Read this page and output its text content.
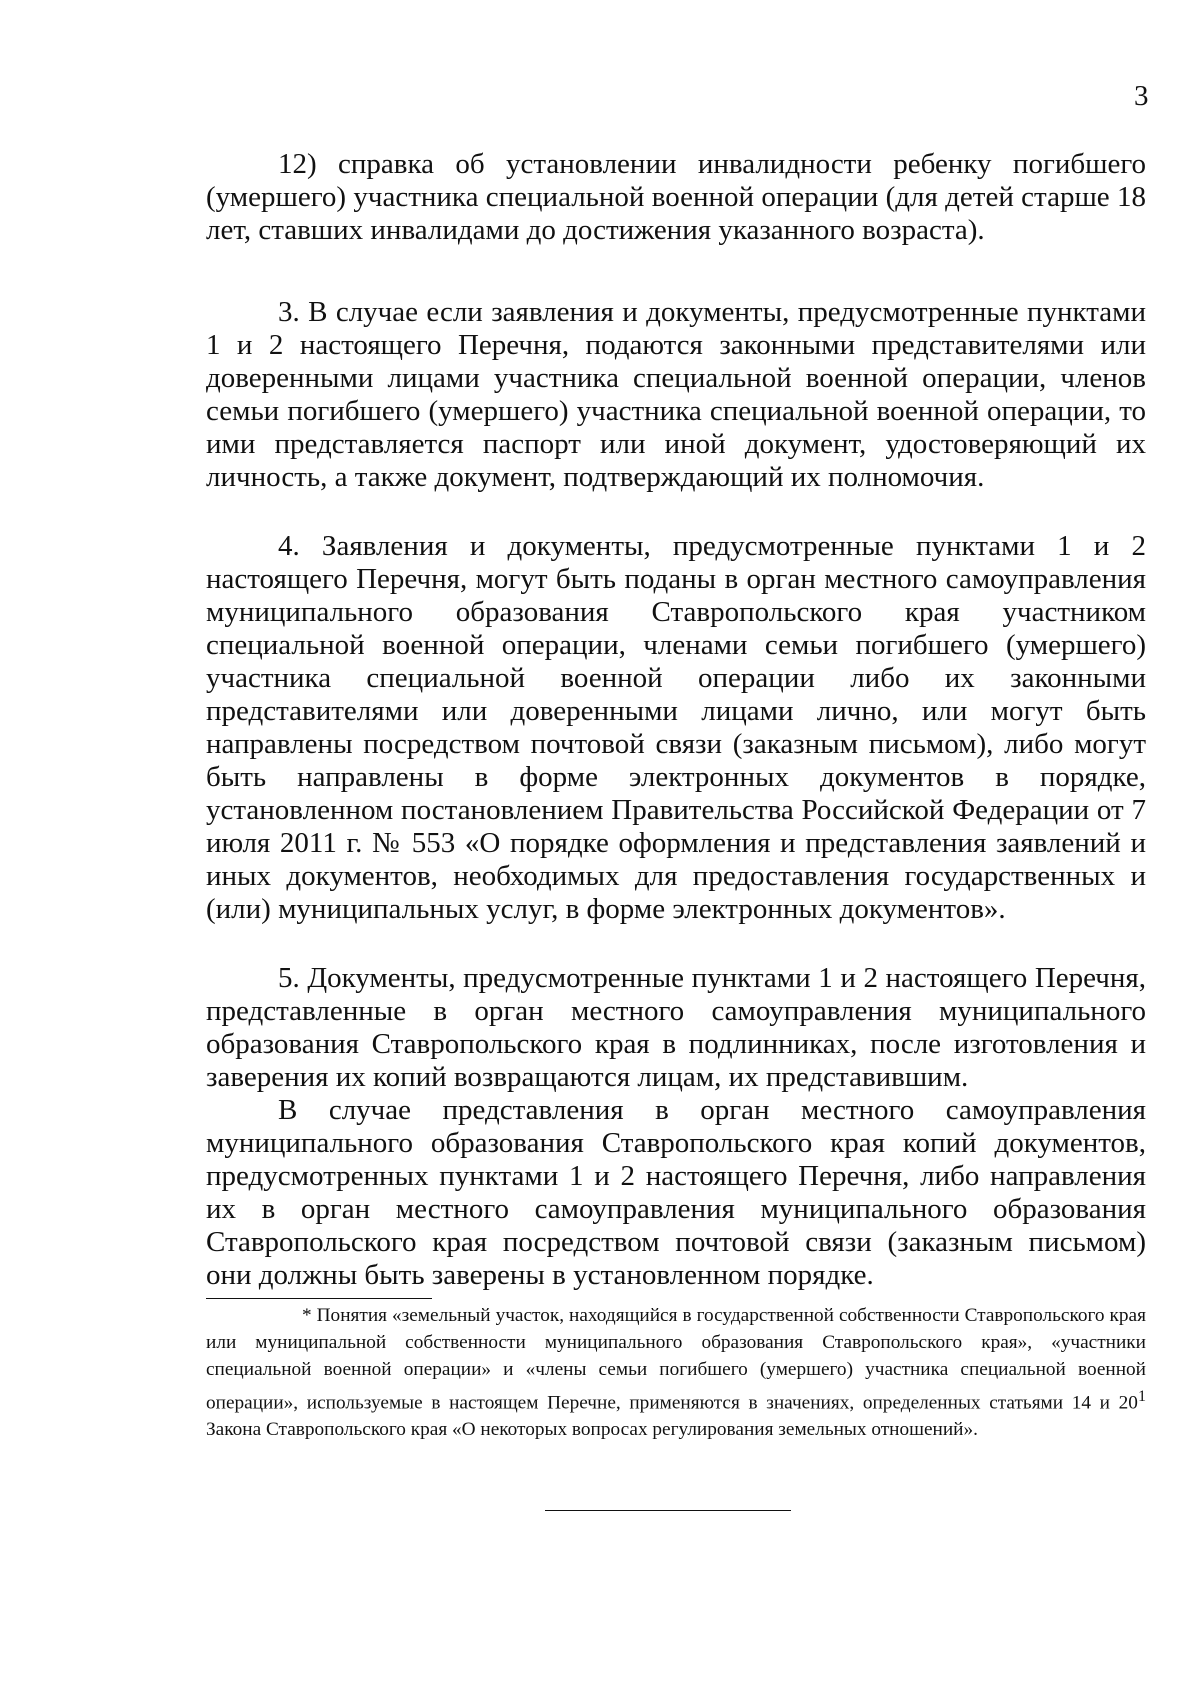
3

12) справка об установлении инвалидности ребенку погибшего (умершего) участника специальной военной операции (для детей старше 18 лет, ставших инвалидами до достижения указанного возраста).

3. В случае если заявления и документы, предусмотренные пунктами 1 и 2 настоящего Перечня, подаются законными представителями или доверенными лицами участника специальной военной операции, членов семьи погибшего (умершего) участника специальной военной операции, то ими представляется паспорт или иной документ, удостоверяющий их личность, а также документ, подтверждающий их полномочия.

4. Заявления и документы, предусмотренные пунктами 1 и 2 настоящего Перечня, могут быть поданы в орган местного самоуправления муниципального образования Ставропольского края участником специальной военной операции, членами семьи погибшего (умершего) участника специальной военной операции либо их законными представителями или доверенными лицами лично, или могут быть направлены посредством почтовой связи (заказным письмом), либо могут быть направлены в форме электронных документов в порядке, установленном постановлением Правительства Российской Федерации от 7 июля 2011 г. № 553 «О порядке оформления и представления заявлений и иных документов, необходимых для предоставления государственных и (или) муниципальных услуг, в форме электронных документов».

5. Документы, предусмотренные пунктами 1 и 2 настоящего Перечня, представленные в орган местного самоуправления муниципального образования Ставропольского края в подлинниках, после изготовления и заверения их копий возвращаются лицам, их представившим.

В случае представления в орган местного самоуправления муниципального образования Ставропольского края копий документов, предусмотренных пунктами 1 и 2 настоящего Перечня, либо направления их в орган местного самоуправления муниципального образования Ставропольского края посредством почтовой связи (заказным письмом) они должны быть заверены в установленном порядке.

* Понятия «земельный участок, находящийся в государственной собственности Ставропольского края или муниципальной собственности муниципального образования Ставропольского края», «участники специальной военной операции» и «члены семьи погибшего (умершего) участника специальной военной операции», используемые в настоящем Перечне, применяются в значениях, определенных статьями 14 и $20^1$ Закона Ставропольского края «О некоторых вопросах регулирования земельных отношений».
